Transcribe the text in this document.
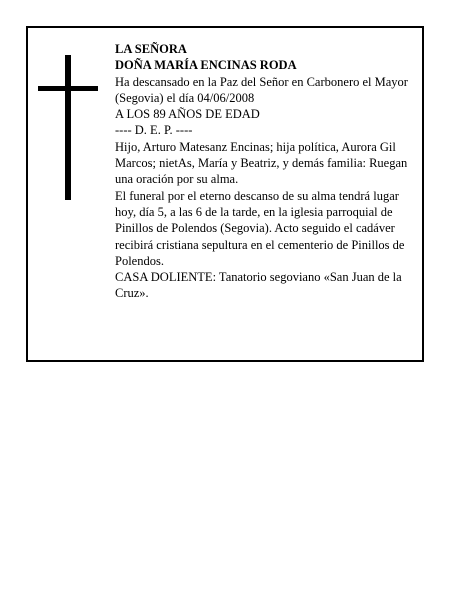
LA SEÑORA

DOÑA MARÍA ENCINAS RODA

Ha descansado en la Paz del Señor en Carbonero el Mayor (Segovia) el día 04/06/2008

A LOS 89 AÑOS DE EDAD

---- D. E. P. ----

Hijo, Arturo Matesanz Encinas; hija política, Aurora Gil Marcos; nietAs, María y Beatriz, y demás familia: Ruegan una oración por su alma.

El funeral por el eterno descanso de su alma tendrá lugar hoy, día 5, a las 6 de la tarde, en la iglesia parroquial de Pinillos de Polendos (Segovia). Acto seguido el cadáver recibirá cristiana sepultura en el cementerio de Pinillos de Polendos.

CASA DOLIENTE: Tanatorio segoviano «San Juan de la Cruz».
